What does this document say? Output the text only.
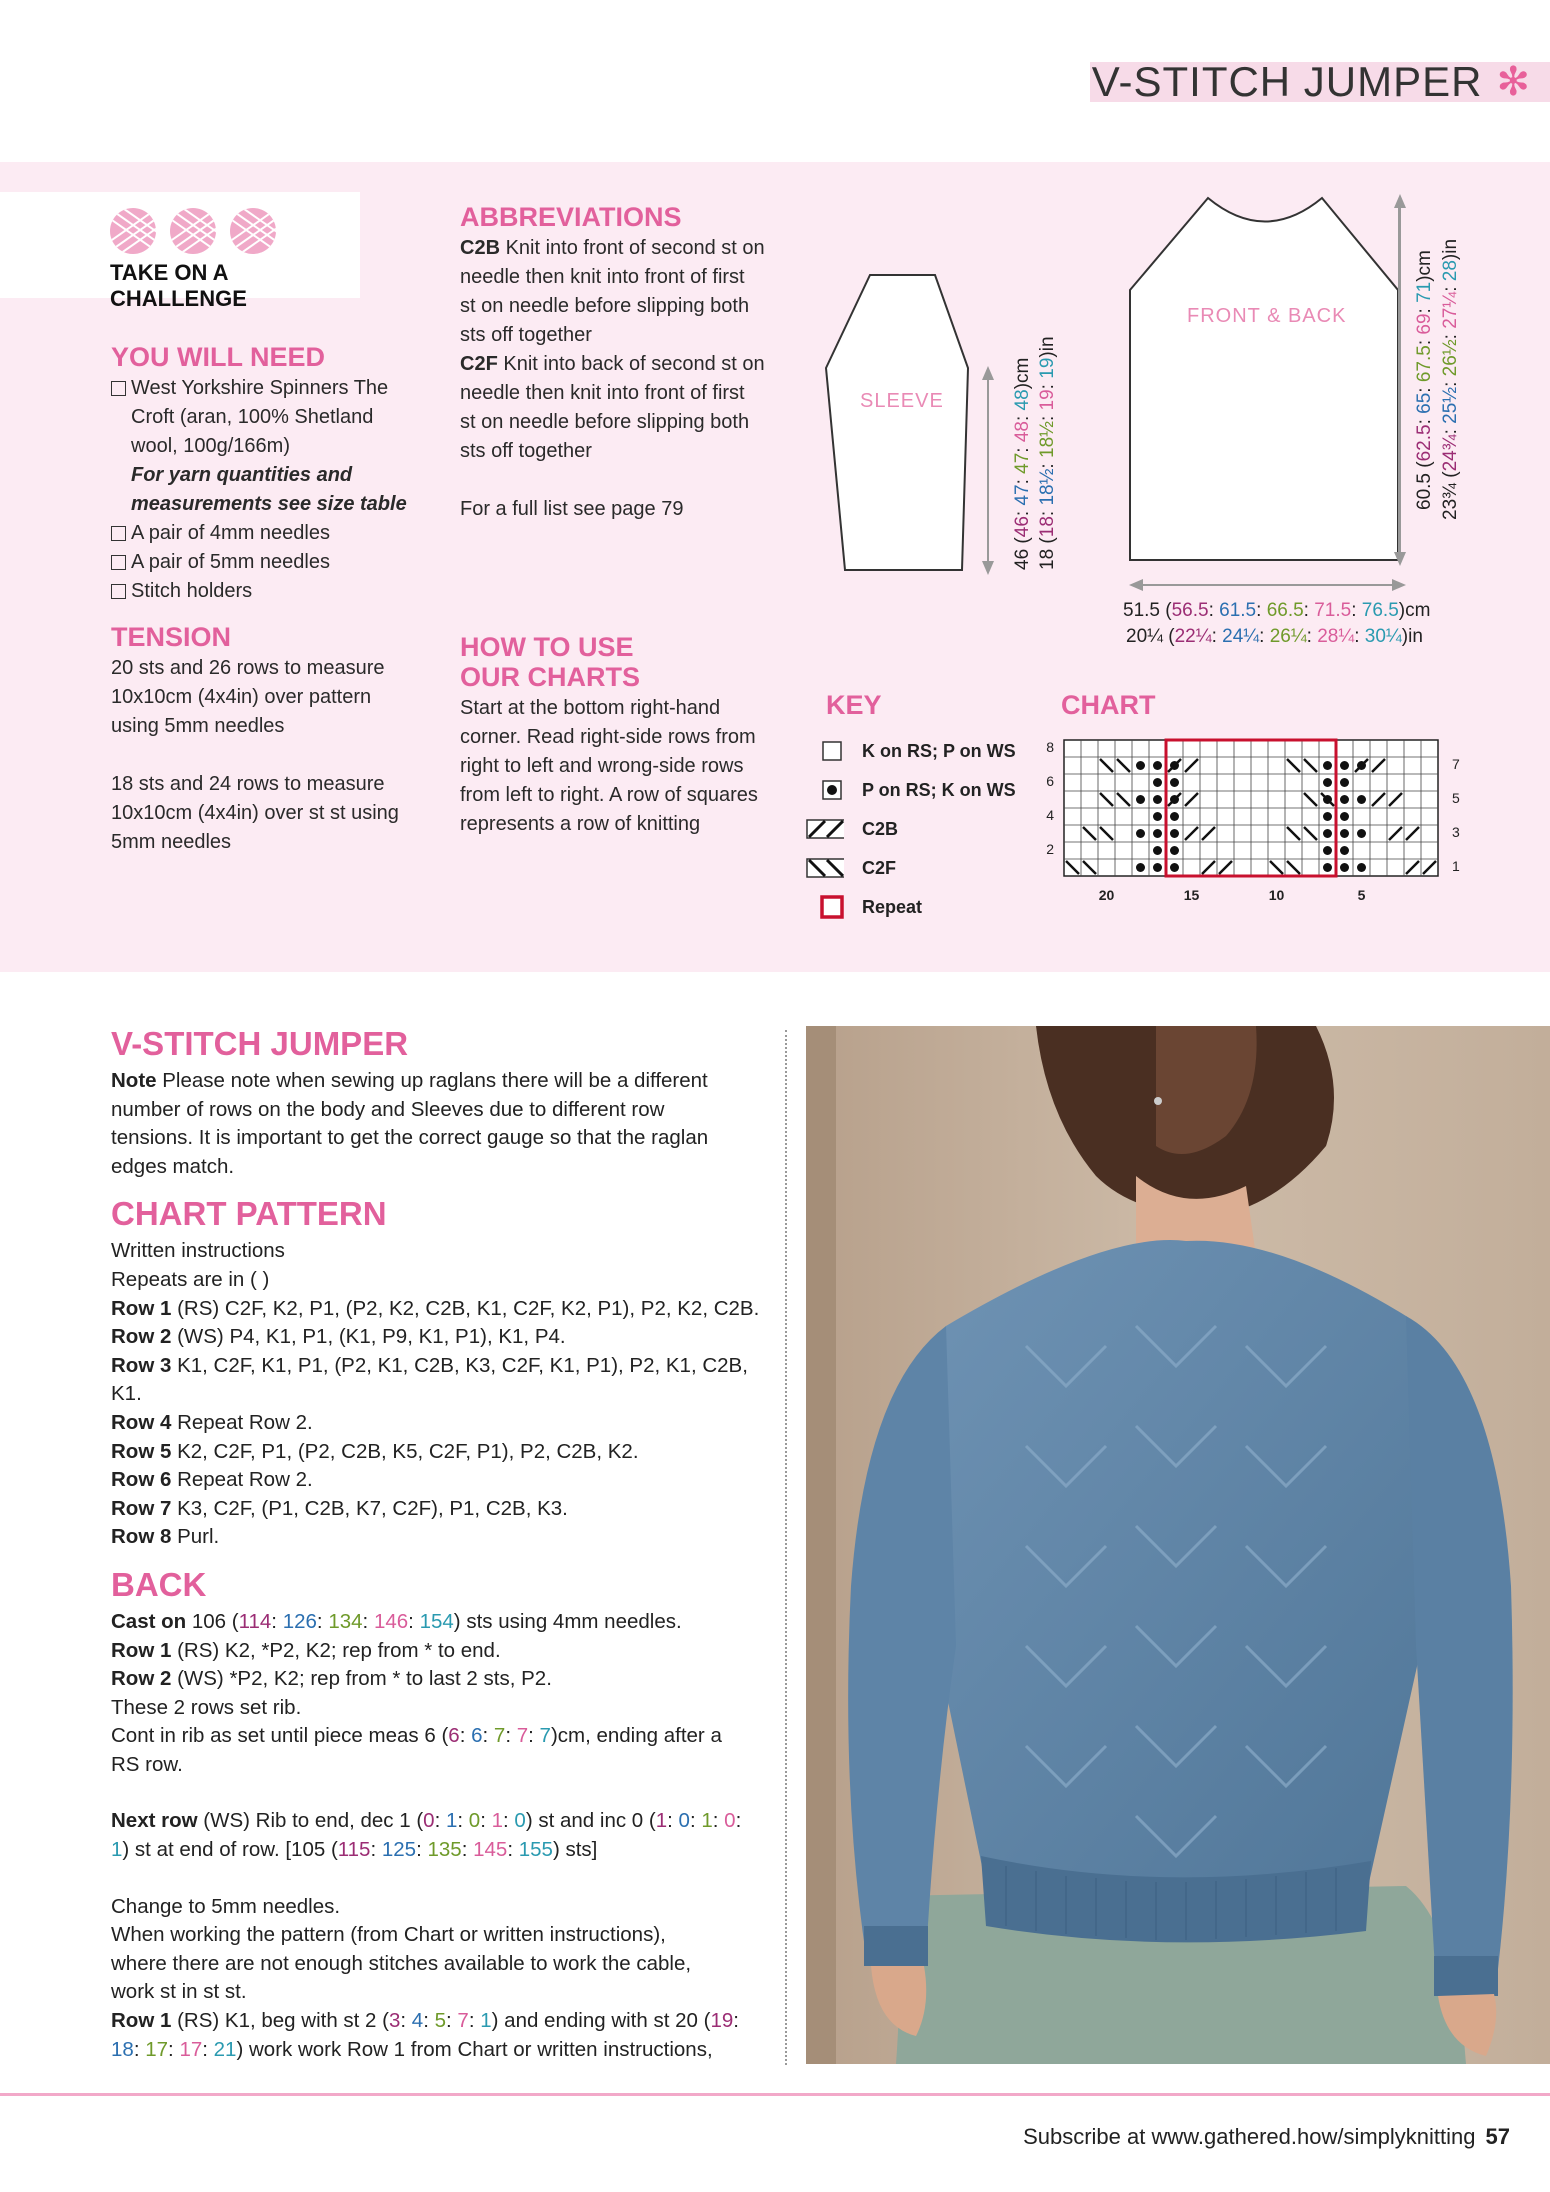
V-STITCH JUMPER ✻
TAKE ON A CHALLENGE
YOU WILL NEED
West Yorkshire Spinners The
Croft (aran, 100% Shetland
wool, 100g/166m)
For yarn quantities and
measurements see size table
A pair of 4mm needles
A pair of 5mm needles
Stitch holders
TENSION
20 sts and 26 rows to measure
10x10cm (4x4in) over pattern
using 5mm needles
18 sts and 24 rows to measure
10x10cm (4x4in) over st st using
5mm needles
ABBREVIATIONS
C2B Knit into front of second st on
needle then knit into front of first
st on needle before slipping both
sts off together
C2F Knit into back of second st on
needle then knit into front of first
st on needle before slipping both
sts off together
For a full list see page 79
HOW TO USE
OUR CHARTS
Start at the bottom right-hand
corner. Read right-side rows from
right to left and wrong-side rows
from left to right. A row of squares
represents a row of knitting
SLEEVE
FRONT & BACK
46 (46: 47: 47: 48: 48)cm
18 (18: 18½: 18½: 19: 19)in
60.5 (62.5: 65: 67.5: 69: 71)cm
23¾ (24¾: 25½: 26½: 27¼: 28)in
51.5 (56.5: 61.5: 66.5: 71.5: 76.5)cm
20¼ (22¼: 24¼: 26¼: 28¼: 30¼)in
KEY
K on RS; P on WS
P on RS; K on WS
C2B
C2F
Repeat
CHART
8
6
4
2
7
5
3
1
20	15	10	5
V-STITCH JUMPER
Note Please note when sewing up raglans there will be a different
number of rows on the body and Sleeves due to different row
tensions. It is important to get the correct gauge so that the raglan
edges match.
CHART PATTERN
Written instructions
Repeats are in ( )
Row 1 (RS) C2F, K2, P1, (P2, K2, C2B, K1, C2F, K2, P1), P2, K2, C2B.
Row 2 (WS) P4, K1, P1, (K1, P9, K1, P1), K1, P4.
Row 3 K1, C2F, K1, P1, (P2, K1, C2B, K3, C2F, K1, P1), P2, K1, C2B,
K1.
Row 4 Repeat Row 2.
Row 5 K2, C2F, P1, (P2, C2B, K5, C2F, P1), P2, C2B, K2.
Row 6 Repeat Row 2.
Row 7 K3, C2F, (P1, C2B, K7, C2F), P1, C2B, K3.
Row 8 Purl.
BACK
Cast on 106 (114: 126: 134: 146: 154) sts using 4mm needles.
Row 1 (RS) K2, *P2, K2; rep from * to end.
Row 2 (WS) *P2, K2; rep from * to last 2 sts, P2.
These 2 rows set rib.
Cont in rib as set until piece meas 6 (6: 6: 7: 7: 7)cm, ending after a
RS row.
Next row (WS) Rib to end, dec 1 (0: 1: 0: 1: 0) st and inc 0 (1: 0: 1: 0:
1) st at end of row. [105 (115: 125: 135: 145: 155) sts]
Change to 5mm needles.
When working the pattern (from Chart or written instructions),
where there are not enough stitches available to work the cable,
work st in st st.
Row 1 (RS) K1, beg with st 2 (3: 4: 5: 7: 1) and ending with st 20 (19:
18: 17: 17: 21) work work Row 1 from Chart or written instructions,
Subscribe at www.gathered.how/simplyknitting 57
